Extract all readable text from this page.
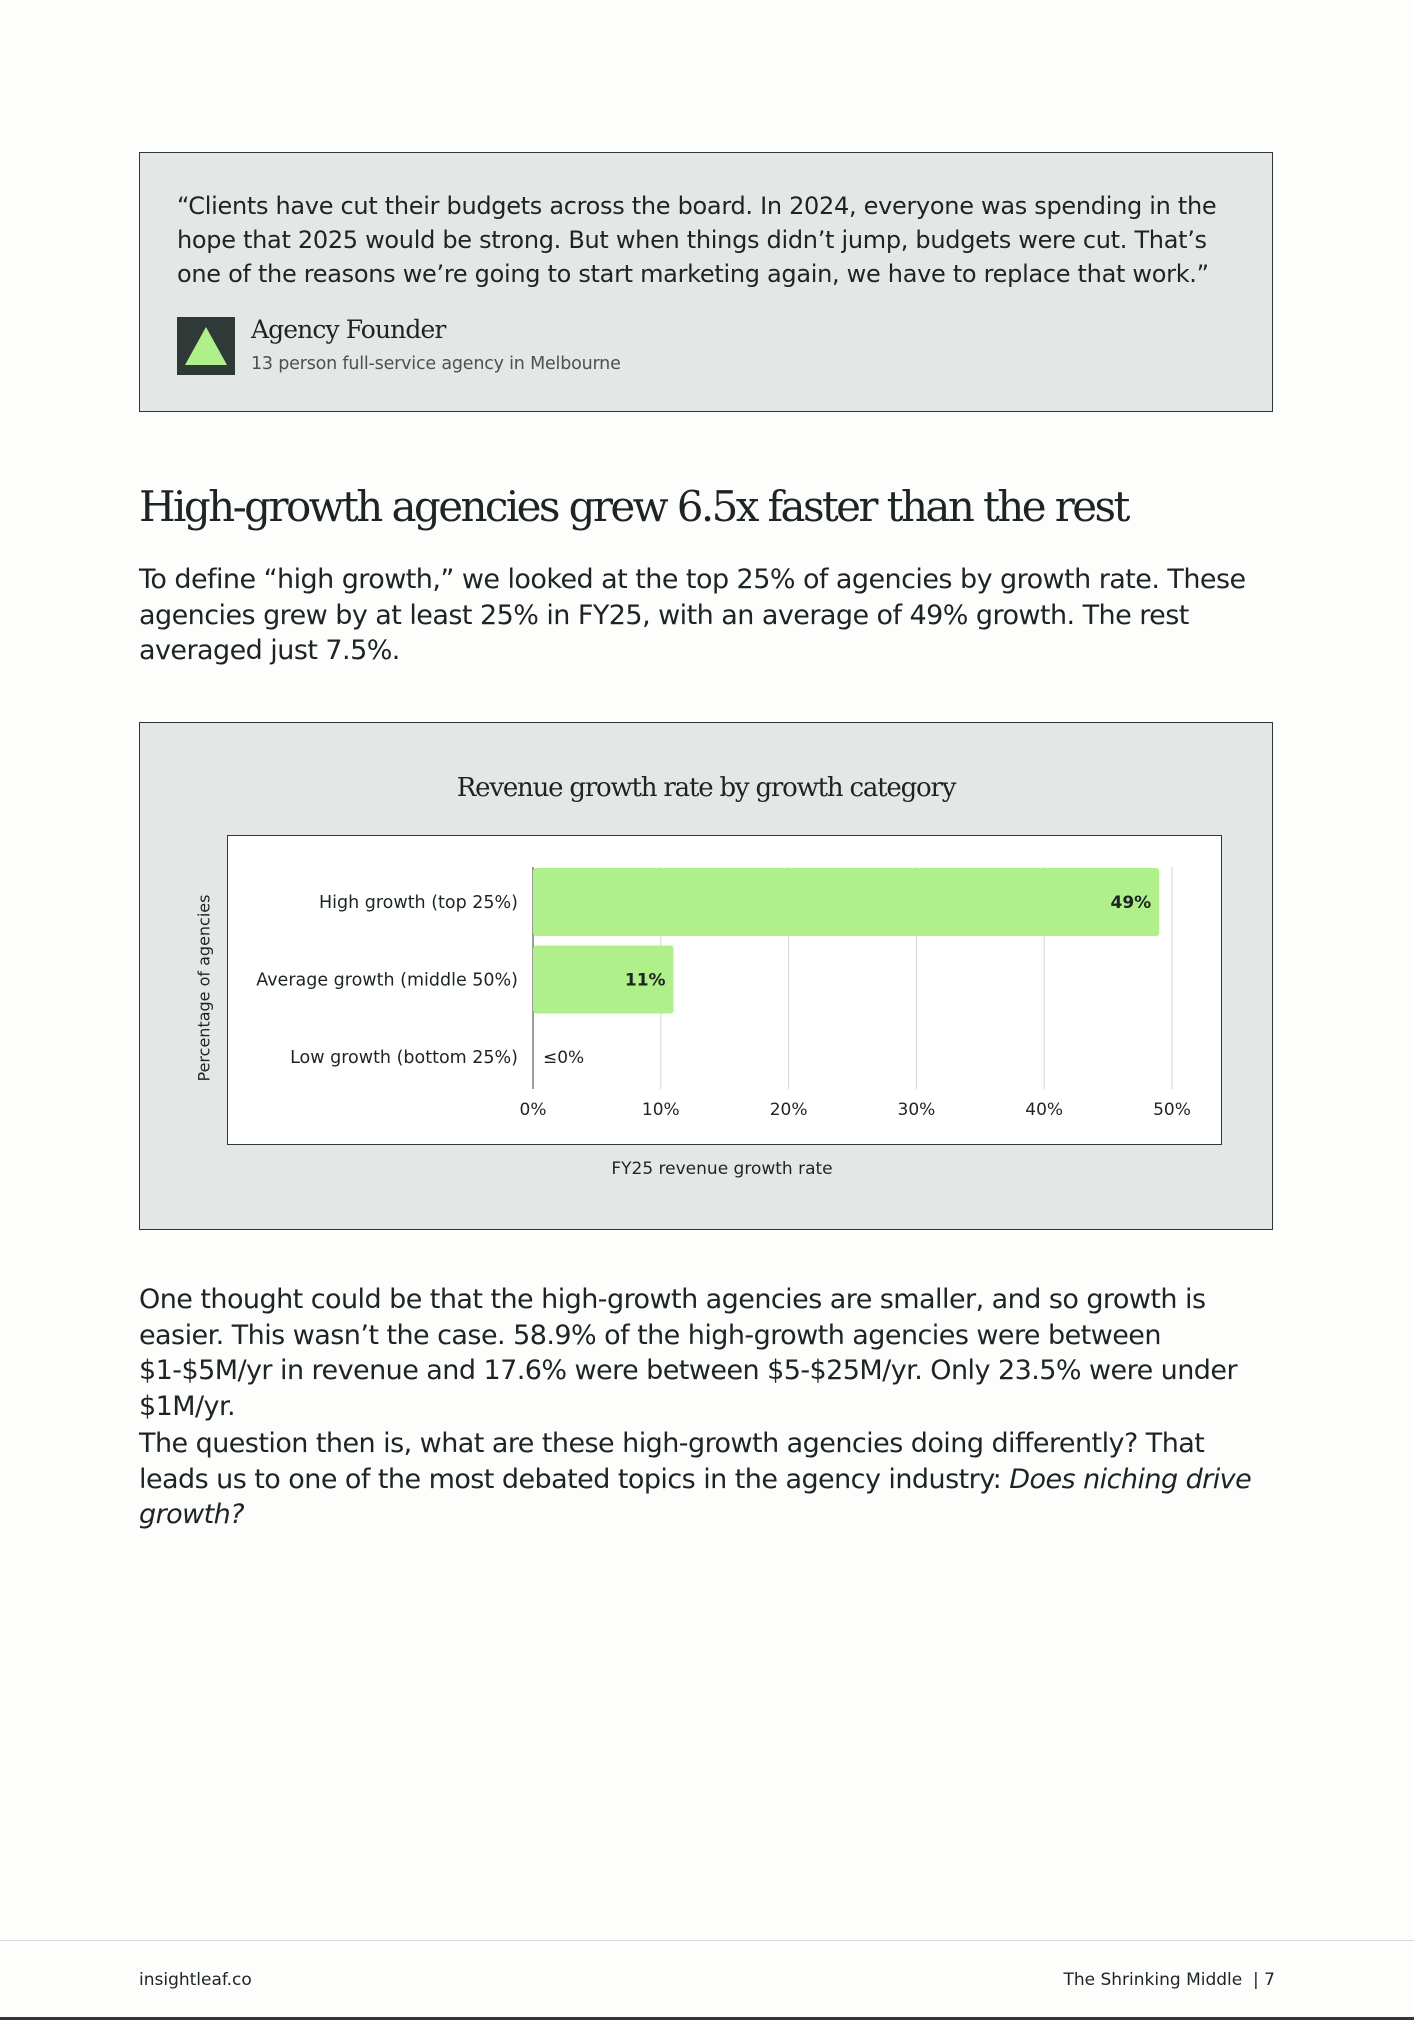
“Clients have cut their budgets across the board. In 2024, everyone was spending in the hope that 2025 would be strong. But when things didn’t jump, budgets were cut. That’s one of the reasons we’re going to start marketing again, we have to replace that work.”
Agency Founder
13 person full-service agency in Melbourne
High-growth agencies grew 6.5x faster than the rest

To define “high growth,” we looked at the top 25% of agencies by growth rate. These agencies grew by at least 25% in FY25, with an average of 49% growth. The rest averaged just 7.5%.

Revenue growth rate by growth category
Percentage of agencies
FY25 revenue growth rate
0%	10%	20%	30%	40%	50%
High growth (top 25%)	49%
Average growth (middle 50%)	11%
Low growth (bottom 25%) ≤0%

One thought could be that the high-growth agencies are smaller, and so growth is easier. This wasn’t the case. 58.9% of the high-growth agencies were between $1-$5M/yr in revenue and 17.6% were between $5-$25M/yr. Only 23.5% were under $1M/yr.

The question then is, what are these high-growth agencies doing differently? That leads us to one of the most debated topics in the agency industry: Does niching drive growth?

insightleaf.co	The Shrinking Middle  | 7
